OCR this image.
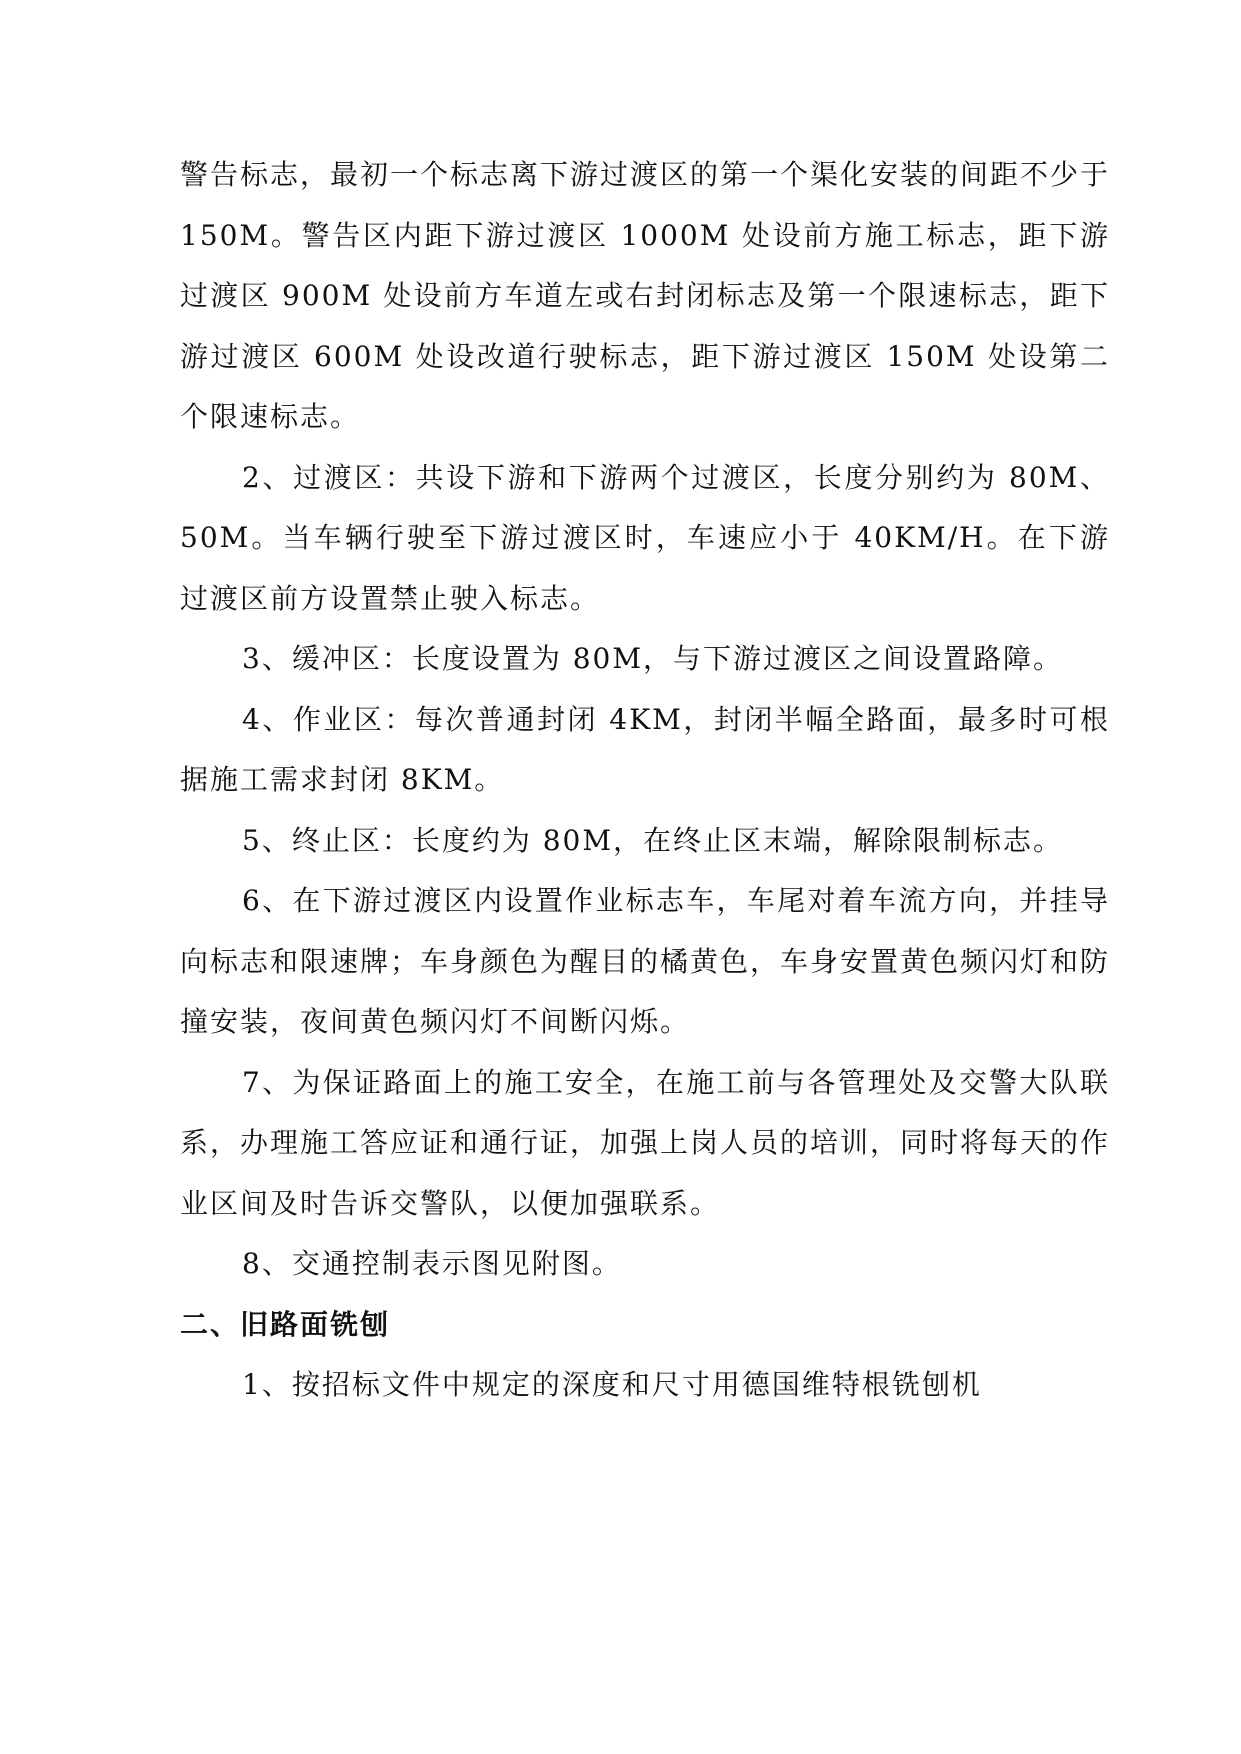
警告标志，最初一个标志离下游过渡区的第一个渠化安装的间距不少于 150M。警告区内距下游过渡区 1000M 处设前方施工标志，距下游过渡区 900M 处设前方车道左或右封闭标志及第一个限速标志，距下游过渡区 600M 处设改道行驶标志，距下游过渡区 150M 处设第二个限速标志。

2、过渡区：共设下游和下游两个过渡区，长度分别约为 80M、50M。当车辆行驶至下游过渡区时，车速应小于 40KM/H。在下游过渡区前方设置禁止驶入标志。

3、缓冲区：长度设置为 80M，与下游过渡区之间设置路障。

4、作业区：每次普通封闭 4KM，封闭半幅全路面，最多时可根据施工需求封闭 8KM。

5、终止区：长度约为 80M，在终止区末端，解除限制标志。

6、在下游过渡区内设置作业标志车，车尾对着车流方向，并挂导向标志和限速牌；车身颜色为醒目的橘黄色，车身安置黄色频闪灯和防撞安装，夜间黄色频闪灯不间断闪烁。

7、为保证路面上的施工安全，在施工前与各管理处及交警大队联系，办理施工答应证和通行证，加强上岗人员的培训，同时将每天的作业区间及时告诉交警队，以便加强联系。

8、交通控制表示图见附图。

二、旧路面铣刨

1、按招标文件中规定的深度和尺寸用德国维特根铣刨机
